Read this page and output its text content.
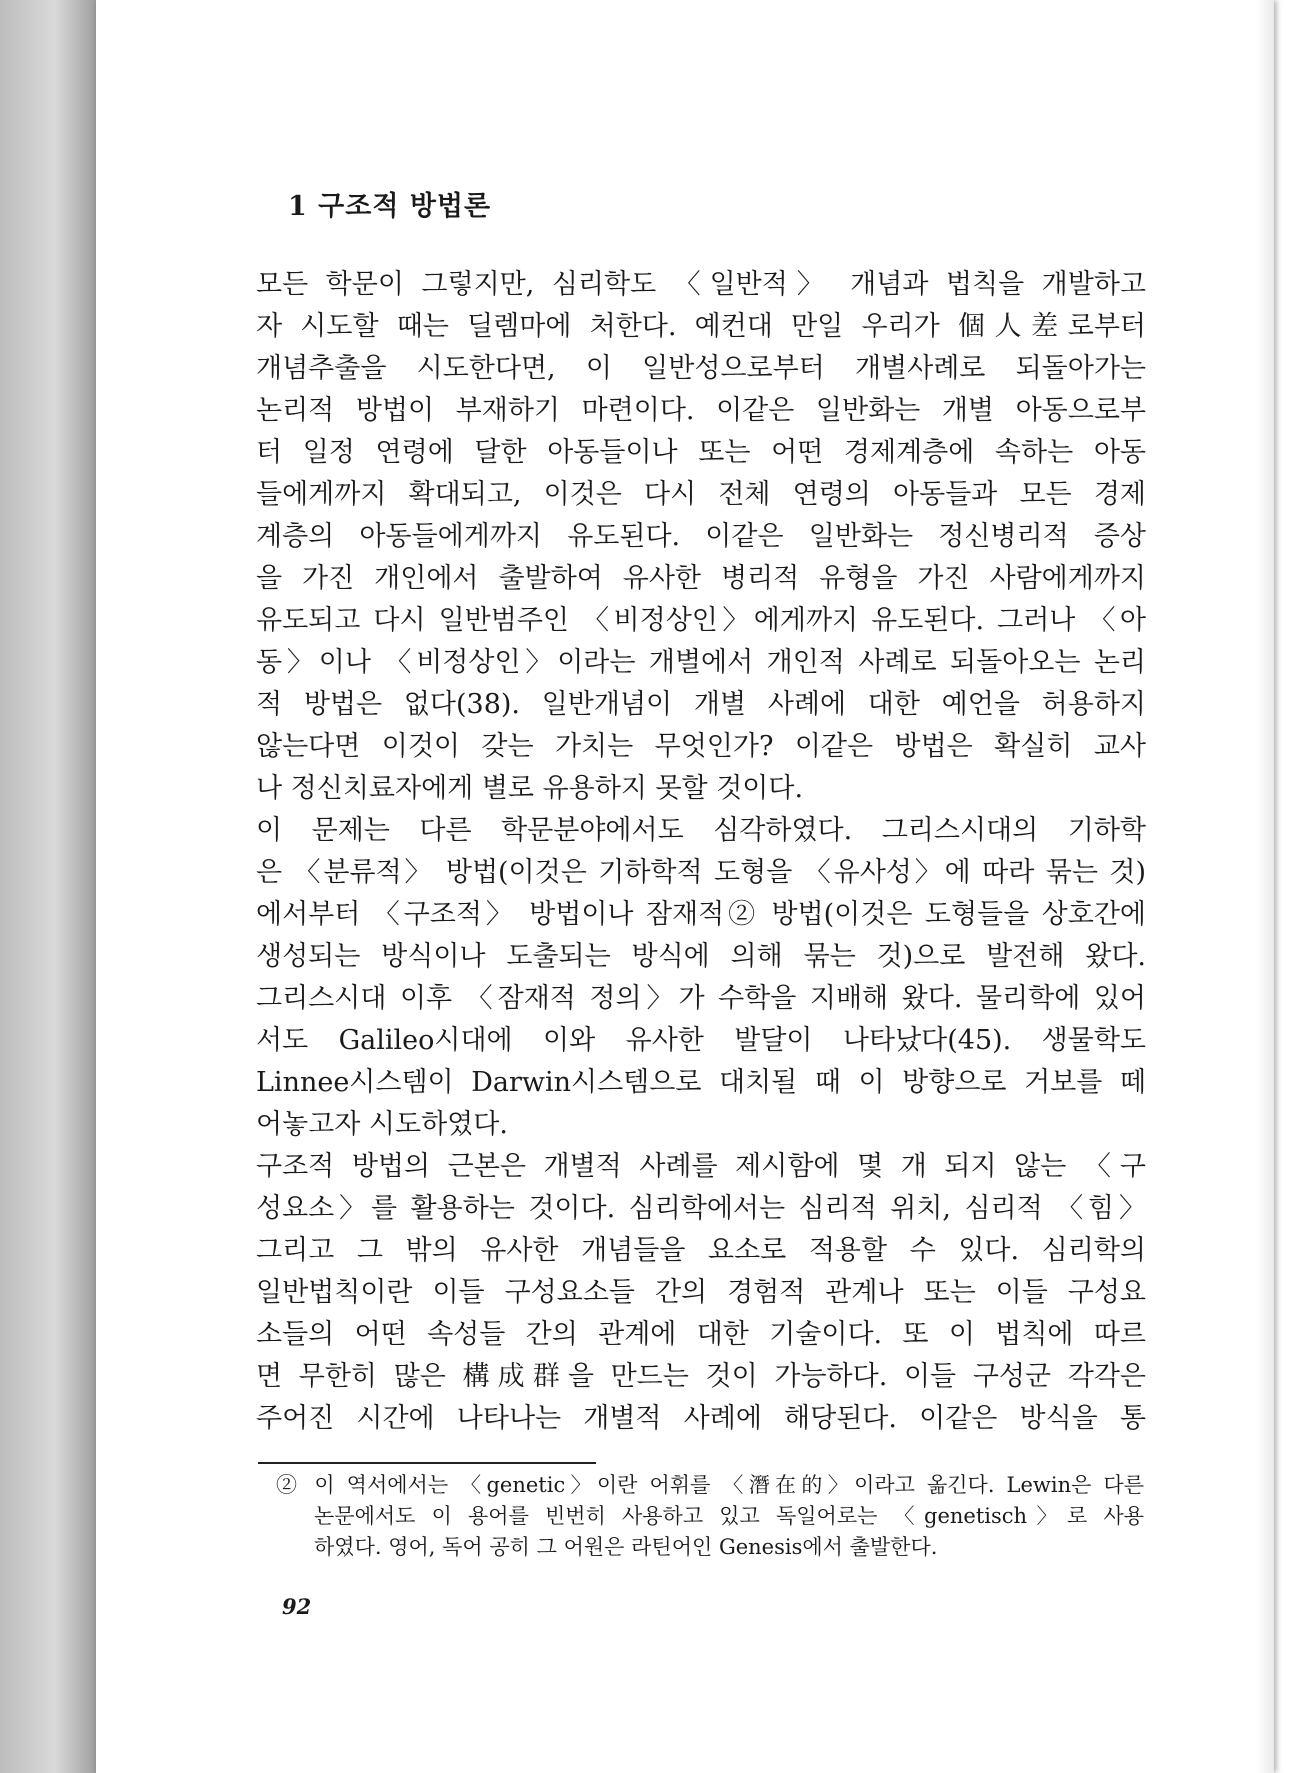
1 구조적 방법론
모든 학문이 그렇지만, 심리학도 〈일반적〉 개념과 법칙을 개발하고
자 시도할 때는 딜렘마에 처한다. 예컨대 만일 우리가 個人差로부터
개념추출을 시도한다면, 이 일반성으로부터 개별사례로 되돌아가는
논리적 방법이 부재하기 마련이다. 이같은 일반화는 개별 아동으로부
터 일정 연령에 달한 아동들이나 또는 어떤 경제계층에 속하는 아동
들에게까지 확대되고, 이것은 다시 전체 연령의 아동들과 모든 경제
계층의 아동들에게까지 유도된다. 이같은 일반화는 정신병리적 증상
을 가진 개인에서 출발하여 유사한 병리적 유형을 가진 사람에게까지
유도되고 다시 일반범주인 〈비정상인〉에게까지 유도된다. 그러나 〈아
동〉이나 〈비정상인〉이라는 개별에서 개인적 사례로 되돌아오는 논리
적 방법은 없다(38). 일반개념이 개별 사례에 대한 예언을 허용하지
않는다면 이것이 갖는 가치는 무엇인가? 이같은 방법은 확실히 교사
나 정신치료자에게 별로 유용하지 못할 것이다.
이 문제는 다른 학문분야에서도 심각하였다. 그리스시대의 기하학
은 〈분류적〉 방법(이것은 기하학적 도형을 〈유사성〉에 따라 묶는 것)
에서부터 〈구조적〉 방법이나 잠재적② 방법(이것은 도형들을 상호간에
생성되는 방식이나 도출되는 방식에 의해 묶는 것)으로 발전해 왔다.
그리스시대 이후 〈잠재적 정의〉가 수학을 지배해 왔다. 물리학에 있어
서도 Galileo시대에 이와 유사한 발달이 나타났다(45). 생물학도
Linnee시스템이 Darwin시스템으로 대치될 때 이 방향으로 거보를 떼
어놓고자 시도하였다.
구조적 방법의 근본은 개별적 사례를 제시함에 몇 개 되지 않는 〈구
성요소〉를 활용하는 것이다. 심리학에서는 심리적 위치, 심리적 〈힘〉
그리고 그 밖의 유사한 개념들을 요소로 적용할 수 있다. 심리학의
일반법칙이란 이들 구성요소들 간의 경험적 관계나 또는 이들 구성요
소들의 어떤 속성들 간의 관계에 대한 기술이다. 또 이 법칙에 따르
면 무한히 많은 構成群을 만드는 것이 가능하다. 이들 구성군 각각은
주어진 시간에 나타나는 개별적 사례에 해당된다. 이같은 방식을 통
② 이 역서에서는 〈genetic〉이란 어휘를 〈潛在的〉이라고 옮긴다. Lewin은 다른
논문에서도 이 용어를 빈번히 사용하고 있고 독일어로는 〈genetisch〉로 사용
하였다. 영어, 독어 공히 그 어원은 라틴어인 Genesis에서 출발한다.
92
